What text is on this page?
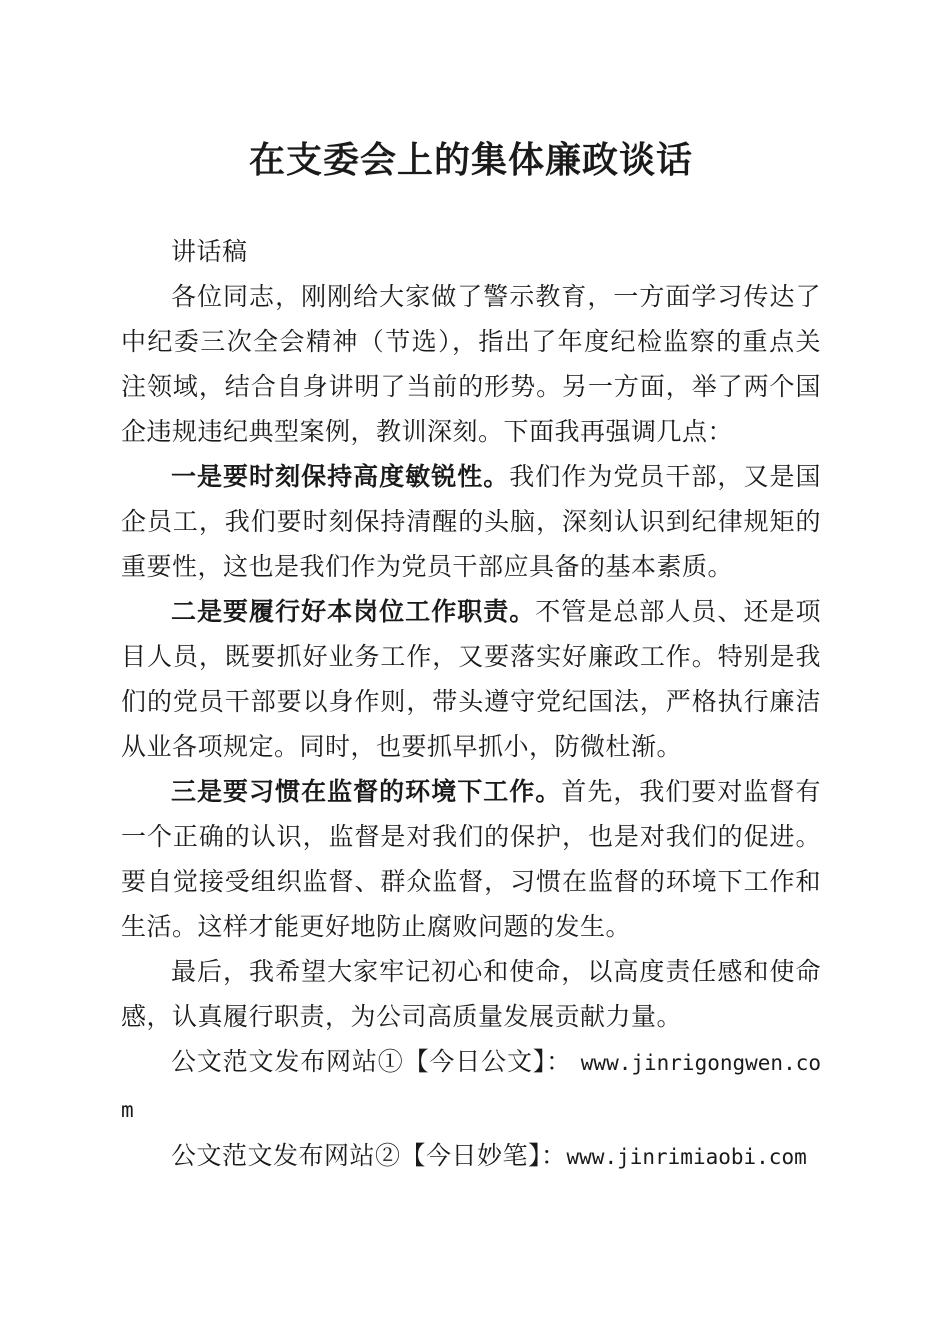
在支委会上的集体廉政谈话

讲话稿

各位同志，刚刚给大家做了警示教育，一方面学习传达了中纪委三次全会精神（节选），指出了年度纪检监察的重点关注领域，结合自身讲明了当前的形势。另一方面，举了两个国企违规违纪典型案例，教训深刻。下面我再强调几点：

一是要时刻保持高度敏锐性。我们作为党员干部，又是国企员工，我们要时刻保持清醒的头脑，深刻认识到纪律规矩的重要性，这也是我们作为党员干部应具备的基本素质。

二是要履行好本岗位工作职责。不管是总部人员、还是项目人员，既要抓好业务工作，又要落实好廉政工作。特别是我们的党员干部要以身作则，带头遵守党纪国法，严格执行廉洁从业各项规定。同时，也要抓早抓小，防微杜渐。

三是要习惯在监督的环境下工作。首先，我们要对监督有一个正确的认识，监督是对我们的保护，也是对我们的促进。要自觉接受组织监督、群众监督，习惯在监督的环境下工作和生活。这样才能更好地防止腐败问题的发生。

最后，我希望大家牢记初心和使命，以高度责任感和使命感，认真履行职责，为公司高质量发展贡献力量。

公文范文发布网站①【今日公文】： www.jinrigongwen.com

公文范文发布网站②【今日妙笔】：www.jinrimiaobi.com
